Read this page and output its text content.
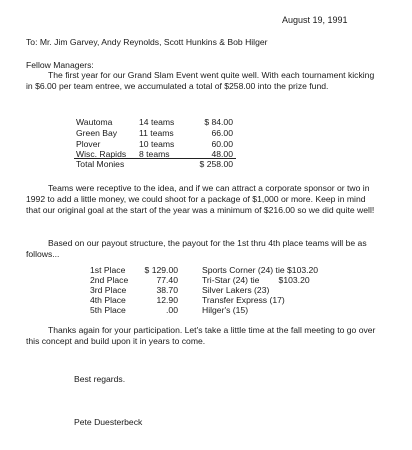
August 19, 1991
To: Mr. Jim Garvey, Andy Reynolds, Scott Hunkins & Bob Hilger
Fellow Managers:
The first year for our Grand Slam Event went quite well. With each tournament kicking in $6.00 per team entree, we accumulated a total of $258.00 into the prize fund.
Wautoma	14 teams	$ 84.00
Green Bay	11 teams	66.00
Plover	10 teams	60.00
Wisc. Rapids 8 teams	48.00
Total Monies	$ 258.00
Teams were receptive to the idea, and if we can attract a corporate sponsor or two in 1992 to add a little money, we could shoot for a package of $1,000 or more. Keep in mind that our original goal at the start of the year was a minimum of $216.00 so we did quite well!
Based on our payout structure, the payout for the 1st thru 4th place teams will be as follows...
1st Place	$ 129.00	Sports Corner (24) tie $103.20
2nd Place	77.40	Tri-Star (24) tie        $103.20
3rd Place	38.70	Silver Lakers (23)
4th Place	12.90	Transfer Express (17)
5th Place	.00	Hilger's (15)
Thanks again for your participation. Let's take a little time at the fall meeting to go over this concept and build upon it in years to come.
Best regards.
Pete Duesterbeck
